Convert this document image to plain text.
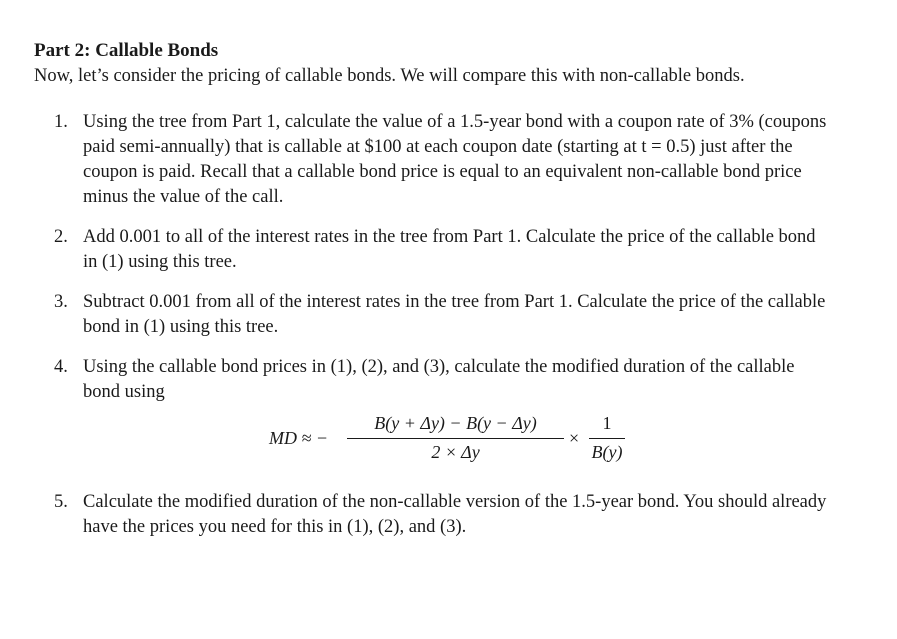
Part 2: Callable Bonds

Now, let’s consider the pricing of callable bonds. We will compare this with non-callable bonds.

1. Using the tree from Part 1, calculate the value of a 1.5-year bond with a coupon rate of 3% (coupons paid semi-annually) that is callable at $100 at each coupon date (starting at t = 0.5) just after the coupon is paid. Recall that a callable bond price is equal to an equivalent non-callable bond price minus the value of the call.

2. Add 0.001 to all of the interest rates in the tree from Part 1. Calculate the price of the callable bond in (1) using this tree.

3. Subtract 0.001 from all of the interest rates in the tree from Part 1. Calculate the price of the callable bond in (1) using this tree.

4. Using the callable bond prices in (1), (2), and (3), calculate the modified duration of the callable bond using

MD ≈ −
B(y + Δy) − B(y − Δy)
2 × Δy
×
1
B(y)
5. Calculate the modified duration of the non-callable version of the 1.5-year bond. You should already have the prices you need for this in (1), (2), and (3).
